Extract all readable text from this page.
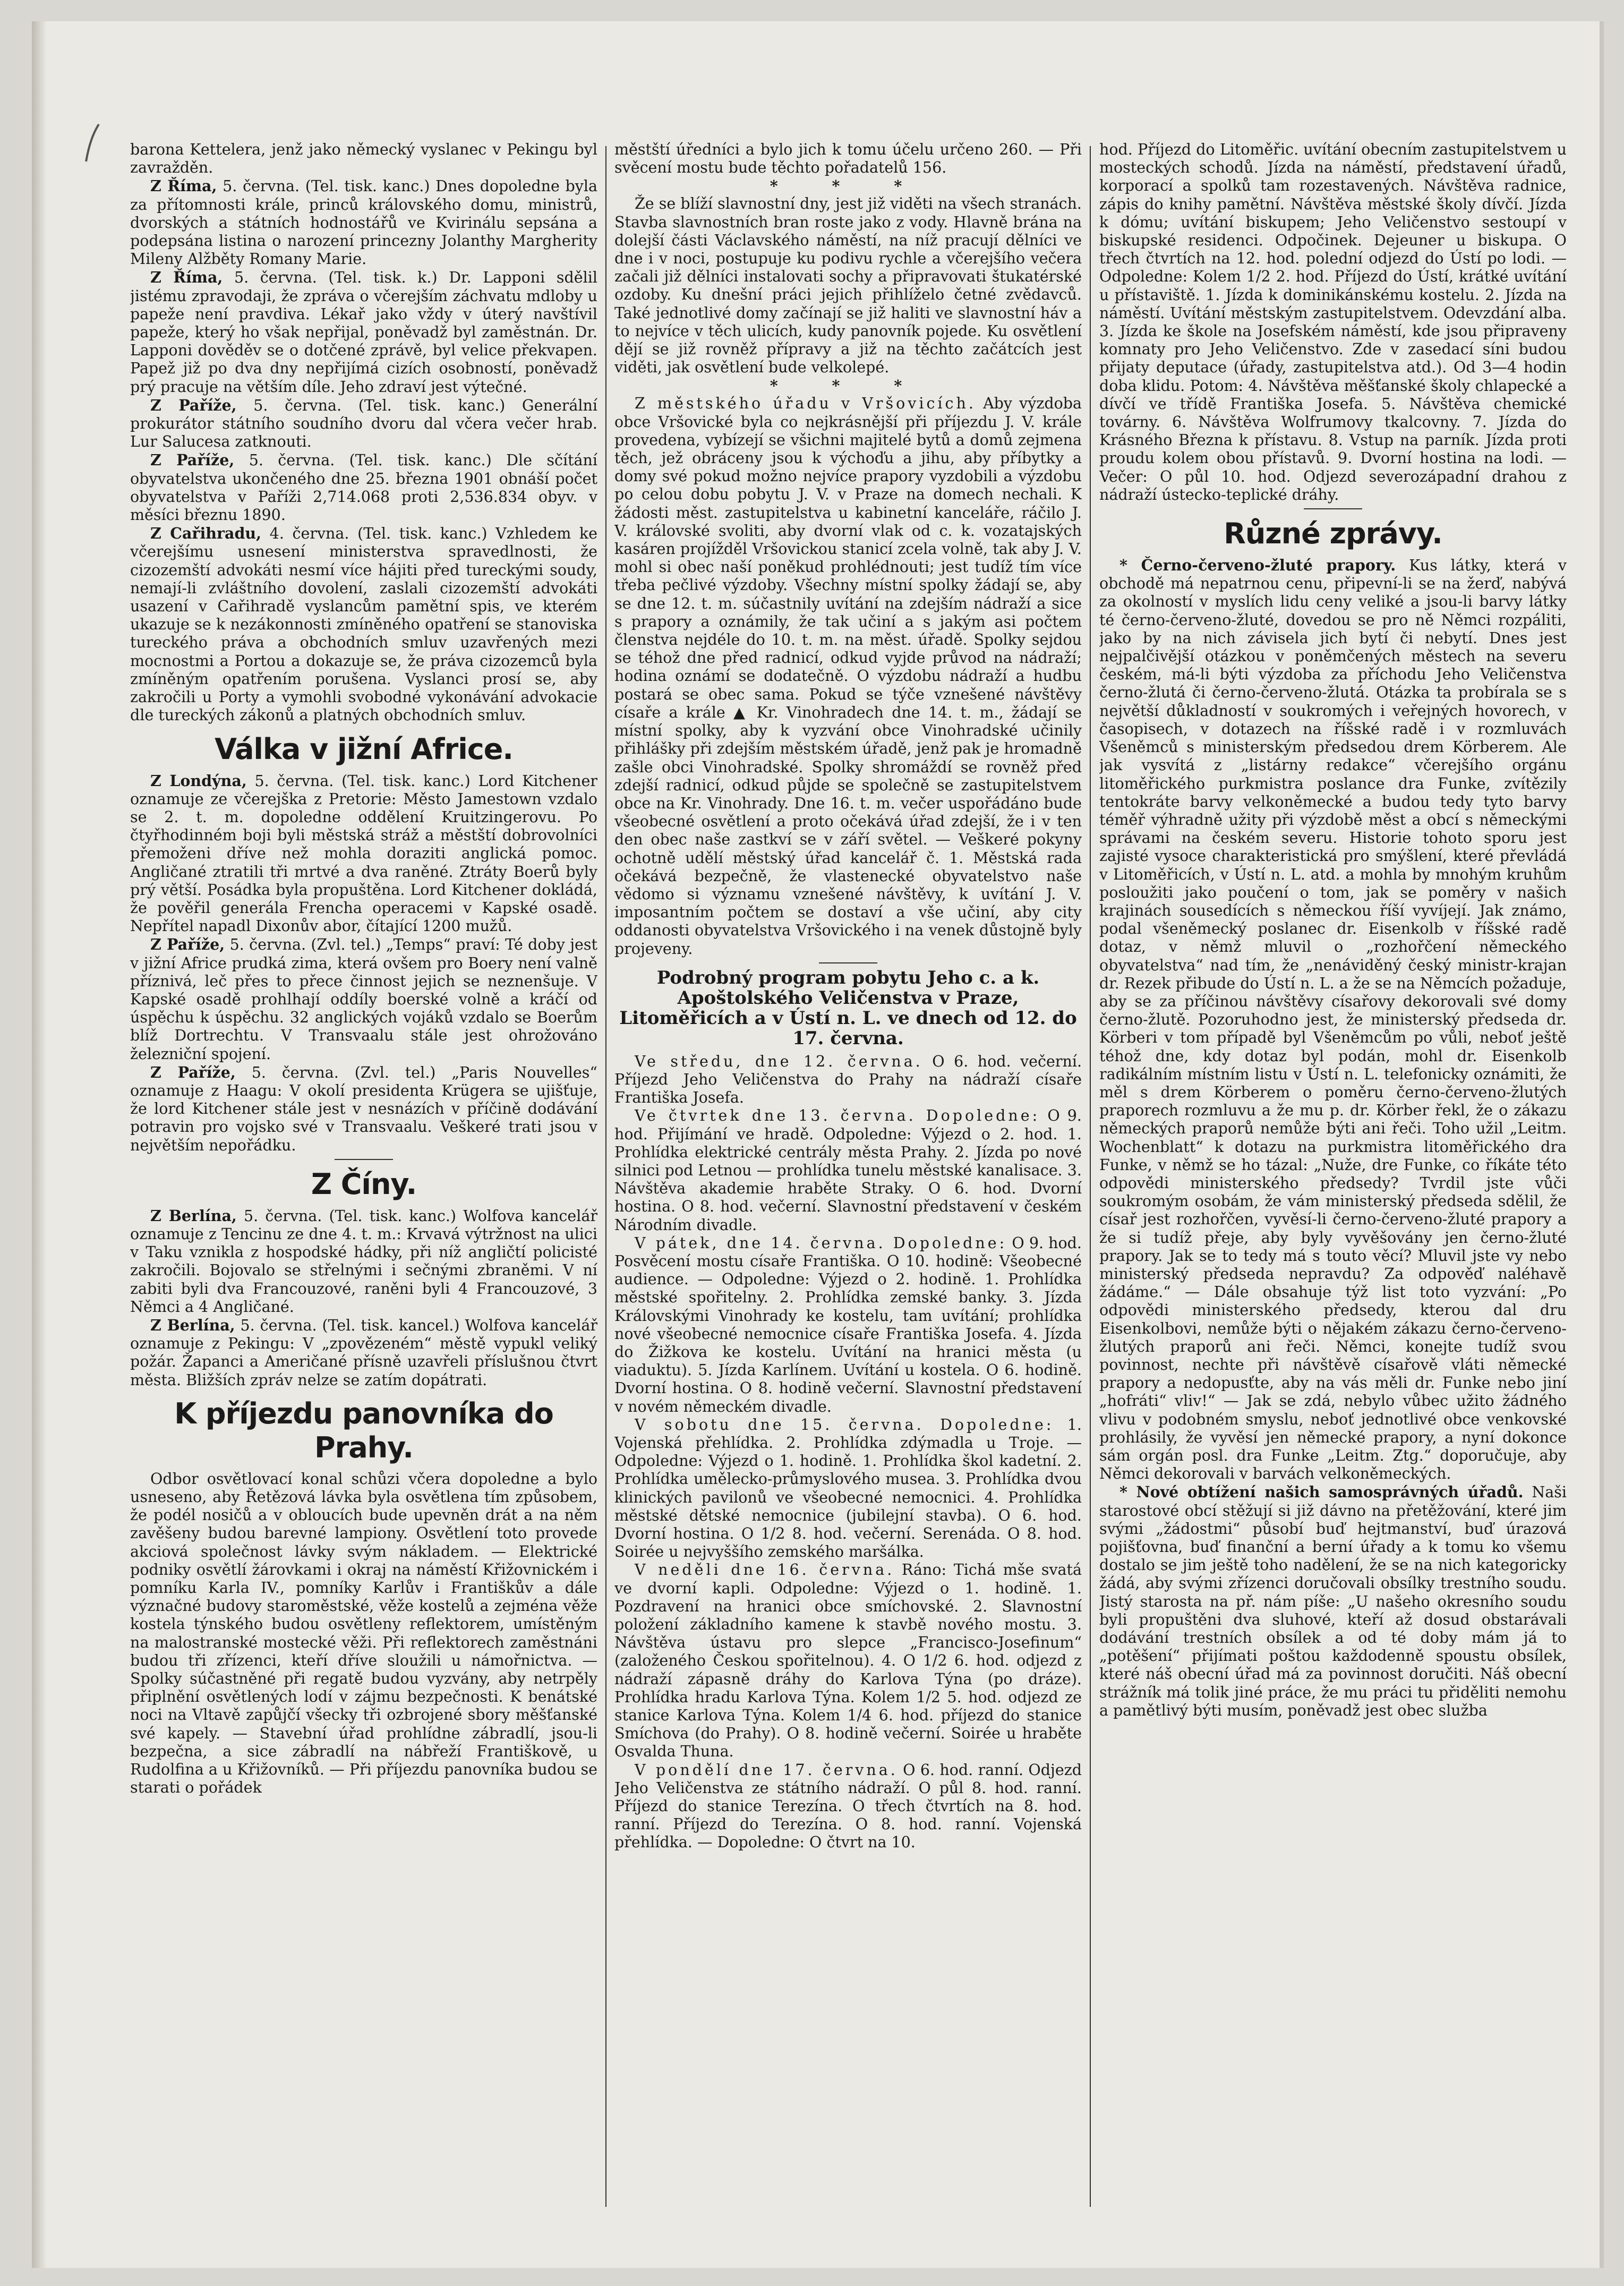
barona Kettelera, jenž jako německý vyslanec v Pekingu byl zavražděn.

Z Říma, 5. června. (Tel. tisk. kanc.) Dnes dopoledne byla za přítomnosti krále, princů královského domu, ministrů, dvorských a státních hodnostářů ve Kvirinálu sepsána a podepsána listina o narození princezny Jolanthy Margherity Mileny Alžběty Romany Marie.

Z Říma, 5. června. (Tel. tisk. k.) Dr. Lapponi sdělil jistému zpravodaji, že zpráva o včerejším záchvatu mdloby u papeže není pravdiva. Lékař jako vždy v úterý navštívil papeže, který ho však nepřijal, poněvadž byl zaměstnán. Dr. Lapponi dověděv se o dotčené zprávě, byl velice překvapen. Papež již po dva dny nepřijímá cizích osobností, poněvadž prý pracuje na větším díle. Jeho zdraví jest výtečné.

Z Paříže, 5. června. (Tel. tisk. kanc.) Generální prokurátor státního soudního dvoru dal včera večer hrab. Lur Salucesa zatknouti.

Z Paříže, 5. června. (Tel. tisk. kanc.) Dle sčítání obyvatelstva ukončeného dne 25. března 1901 obnáší počet obyvatelstva v Paříži 2,714.068 proti 2,536.834 obyv. v měsíci březnu 1890.

Z Cařihradu, 4. června. (Tel. tisk. kanc.) Vzhledem ke včerejšímu usnesení ministerstva spravedlnosti, že cizozemští advokáti nesmí více hájiti před tureckými soudy, nemají-li zvláštního dovolení, zaslali cizozemští advokáti usazení v Cařihradě vyslancům pamětní spis, ve kterém ukazuje se k nezákonnosti zmíněného opatření se stanoviska tureckého práva a obchodních smluv uzavřených mezi mocnostmi a Portou a dokazuje se, že práva cizozemců byla zmíněným opatřením porušena. Vyslanci prosí se, aby zakročili u Porty a vymohli svobodné vykonávání advokacie dle tureckých zákonů a platných obchodních smluv.

Válka v jižní Africe.

Z Londýna, 5. června. (Tel. tisk. kanc.) Lord Kitchener oznamuje ze včerejška z Pretorie: Město Jamestown vzdalo se 2. t. m. dopoledne oddělení Kruitzingerovu. Po čtyřhodinném boji byli městská stráž a městští dobrovolníci přemoženi dříve než mohla doraziti anglická pomoc. Angličané ztratili tři mrtvé a dva raněné. Ztráty Boerů byly prý větší. Posádka byla propuštěna. Lord Kitchener dokládá, že pověřil generála Frencha operacemi v Kapské osadě. Nepřítel napadl Dixonův abor, čítající 1200 mužů.

Z Paříže, 5. června. (Zvl. tel.) „Temps“ praví: Té doby jest v jižní Africe prudká zima, která ovšem pro Boery není valně příznivá, leč přes to přece činnost jejich se neznenšuje. V Kapské osadě prohlhají oddíly boerské volně a kráčí od úspěchu k úspěchu. 32 anglických vojáků vzdalo se Boerům blíž Dortrechtu. V Transvaalu stále jest ohrožováno železniční spojení.

Z Paříže, 5. června. (Zvl. tel.) „Paris Nouvelles“ oznamuje z Haagu: V okolí presidenta Krügera se ujišťuje, že lord Kitchener stále jest v nesnázích v příčině dodávání potravin pro vojsko své v Transvaalu. Veškeré trati jsou v největším nepořádku.

Z Číny.

Z Berlína, 5. června. (Tel. tisk. kanc.) Wolfova kancelář oznamuje z Tencinu ze dne 4. t. m.: Krvavá výtržnost na ulici v Taku vznikla z hospodské hádky, při níž angličtí policisté zakročili. Bojovalo se střelnými i sečnými zbraněmi. V ní zabiti byli dva Francouzové, raněni byli 4 Francouzové, 3 Němci a 4 Angličané.

Z Berlína, 5. června. (Tel. tisk. kancel.) Wolfova kancelář oznamuje z Pekingu: V „zpovězeném“ městě vypukl veliký požár. Žapanci a Američané přísně uzavřeli příslušnou čtvrt města. Bližších zpráv nelze se zatím dopátrati.

K příjezdu panovníka do Prahy.

Odbor osvětlovací konal schůzi včera dopoledne a bylo usneseno, aby Řetězová lávka byla osvětlena tím způsobem, že podél nosičů a v obloucích bude upevněn drát a na něm zavěšeny budou barevné lampiony. Osvětlení toto provede akciová společnost lávky svým nákladem. — Elektrické podniky osvětlí žárovkami i okraj na náměstí Křižovnickém i pomníku Karla IV., pomníky Karlův i Františkův a dále význačné budovy staroměstské, věže kostelů a zejména věže kostela týnského budou osvětleny reflektorem, umístěným na malostranské mostecké věži. Při reflektorech zaměstnáni budou tři zřízenci, kteří dříve sloužili u námořnictva. — Spolky súčastněné při regatě budou vyzvány, aby netrpěly připlnění osvětlených lodí v zájmu bezpečnosti. K benátské noci na Vltavě zapůjčí všecky tři ozbrojené sbory měšťanské své kapely. — Stavební úřad prohlídne zábradlí, jsou-li bezpečna, a sice zábradlí na nábřeží Františkově, u Rudolfina a u Křižovníků. — Při příjezdu panovníka budou se starati o pořádek

městští úředníci a bylo jich k tomu účelu určeno 260. — Při svěcení mostu bude těchto pořadatelů 156.

* * *

Že se blíží slavnostní dny, jest již viděti na všech stranách. Stavba slavnostních bran roste jako z vody. Hlavně brána na dolejší části Václavského náměstí, na níž pracují dělníci ve dne i v noci, postupuje ku podivu rychle a včerejšího večera začali již dělníci instalovati sochy a připravovati štukatérské ozdoby. Ku dnešní práci jejich přihlíželo četné zvědavců. Také jednotlivé domy začínají se již haliti ve slavnostní háv a to nejvíce v těch ulicích, kudy panovník pojede. Ku osvětlení dějí se již rovněž přípravy a již na těchto začátcích jest viděti, jak osvětlení bude velkolepé.

* * *

Z městského úřadu v Vršovicích. Aby výzdoba obce Vršovické byla co nejkrásnější při příjezdu J. V. krále provedena, vybízejí se všichni majitelé bytů a domů zejmena těch, jež obráceny jsou k výchoďu a jihu, aby příbytky a domy své pokud možno nejvíce prapory vyzdobili a výzdobu po celou dobu pobytu J. V. v Praze na domech nechali. K žádosti měst. zastupitelstva u kabinetní kanceláře, ráčilo J. V. královské svoliti, aby dvorní vlak od c. k. vozatajských kasáren projížděl Vršovickou stanicí zcela volně, tak aby J. V. mohl si obec naší poněkud prohlédnouti; jest tudíž tím více třeba pečlivé výzdoby. Všechny místní spolky žádají se, aby se dne 12. t. m. súčastnily uvítání na zdejším nádraží a sice s prapory a oznámily, že tak učiní a s jakým asi počtem členstva nejdéle do 10. t. m. na měst. úřadě. Spolky sejdou se téhož dne před radnicí, odkud vyjde průvod na nádraží; hodina oznámí se dodatečně. O výzdobu nádraží a hudbu postará se obec sama. Pokud se týče vznešené návštěvy císaře a krále ▲ Kr. Vinohradech dne 14. t. m., žádají se místní spolky, aby k vyzvání obce Vinohradské učinily přihlášky při zdejším městském úřadě, jenž pak je hromadně zašle obci Vinohradské. Spolky shromáždí se rovněž před zdejší radnicí, odkud půjde se společně se zastupitelstvem obce na Kr. Vinohrady. Dne 16. t. m. večer uspořádáno bude všeobecné osvětlení a proto očekává úřad zdejší, že i v ten den obec naše zastkví se v září světel. — Veškeré pokyny ochotně udělí městský úřad kancelář č. 1. Městská rada očekává bezpečně, že vlastenecké obyvatelstvo naše vědomo si významu vznešené návštěvy, k uvítání J. V. imposantním počtem se dostaví a vše učiní, aby city oddanosti obyvatelstva Vršovického i na venek důstojně byly projeveny.

Podrobný program pobytu Jeho c. a k. Apoštolského Veličenstva v Praze, Litoměřicích a v Ústí n. L. ve dnech od 12. do 17. června.

Ve středu, dne 12. června. O 6. hod. večerní. Příjezd Jeho Veličenstva do Prahy na nádraží císaře Františka Josefa.

Ve čtvrtek dne 13. června. Dopoledne: O 9. hod. Přijímání ve hradě. Odpoledne: Výjezd o 2. hod. 1. Prohlídka elektrické centrály města Prahy. 2. Jízda po nové silnici pod Letnou — prohlídka tunelu městské kanalisace. 3. Návštěva akademie hraběte Straky. O 6. hod. Dvorní hostina. O 8. hod. večerní. Slavnostní představení v českém Národním divadle.

V pátek, dne 14. června. Dopoledne: O 9. hod. Posvěcení mostu císaře Františka. O 10. hodině: Všeobecné audience. — Odpoledne: Výjezd o 2. hodině. 1. Prohlídka městské spořitelny. 2. Prohlídka zemské banky. 3. Jízda Královskými Vinohrady ke kostelu, tam uvítání; prohlídka nové všeobecné nemocnice císaře Františka Josefa. 4. Jízda do Žižkova ke kostelu. Uvítání na hranici města (u viaduktu). 5. Jízda Karlínem. Uvítání u kostela. O 6. hodině. Dvorní hostina. O 8. hodině večerní. Slavnostní představení v novém německém divadle.

V sobotu dne 15. června. Dopoledne: 1. Vojenská přehlídka. 2. Prohlídka zdýmadla u Troje. — Odpoledne: Výjezd o 1. hodině. 1. Prohlídka škol kadetní. 2. Prohlídka umělecko-průmyslového musea. 3. Prohlídka dvou klinických pavilonů ve všeobecné nemocnici. 4. Prohlídka městské dětské nemocnice (jubilejní stavba). O 6. hod. Dvorní hostina. O 1/2 8. hod. večerní. Serenáda. O 8. hod. Soirée u nejvyššího zemského maršálka.

V neděli dne 16. června. Ráno: Tichá mše svatá ve dvorní kapli. Odpoledne: Výjezd o 1. hodině. 1. Pozdravení na hranici obce smíchovské. 2. Slavnostní položení základního kamene k stavbě nového mostu. 3. Návštěva ústavu pro slepce „Francisco-Josefinum“ (založeného Českou spořitelnou). 4. O 1/2 6. hod. odjezd z nádraží zápasně dráhy do Karlova Týna (po dráze). Prohlídka hradu Karlova Týna. Kolem 1/2 5. hod. odjezd ze stanice Karlova Týna. Kolem 1/4 6. hod. příjezd do stanice Smíchova (do Prahy). O 8. hodině večerní. Soirée u hraběte Osvalda Thuna.

V pondělí dne 17. června. O 6. hod. ranní. Odjezd Jeho Veličenstva ze státního nádraží. O půl 8. hod. ranní. Příjezd do stanice Terezína. O třech čtvrtích na 8. hod. ranní. Příjezd do Terezína. O 8. hod. ranní. Vojenská přehlídka. — Dopoledne: O čtvrt na 10.

hod. Příjezd do Litoměřic. uvítání obecním zastupitelstvem u mosteckých schodů. Jízda na náměstí, představení úřadů, korporací a spolků tam rozestavených. Návštěva radnice, zápis do knihy pamětní. Návštěva městské školy dívčí. Jízda k dómu; uvítání biskupem; Jeho Veličenstvo sestoupí v biskupské residenci. Odpočinek. Dejeuner u biskupa. O třech čtvrtích na 12. hod. polední odjezd do Ústí po lodi. — Odpoledne: Kolem 1/2 2. hod. Příjezd do Ústí, krátké uvítání u přístaviště. 1. Jízda k dominikánskému kostelu. 2. Jízda na náměstí. Uvítání městským zastupitelstvem. Odevzdání alba. 3. Jízda ke škole na Josefském náměstí, kde jsou připraveny komnaty pro Jeho Veličenstvo. Zde v zasedací síni budou přijaty deputace (úřady, zastupitelstva atd.). Od 3—4 hodin doba klidu. Potom: 4. Návštěva měšťanské školy chlapecké a dívčí ve třídě Františka Josefa. 5. Návštěva chemické továrny. 6. Návštěva Wolfrumovy tkalcovny. 7. Jízda do Krásného Března k přístavu. 8. Vstup na parník. Jízda proti proudu kolem obou přístavů. 9. Dvorní hostina na lodi. — Večer: O půl 10. hod. Odjezd severozápadní drahou z nádraží ústecko-teplické dráhy.

Různé zprávy.

* Černo-červeno-žluté prapory. Kus látky, která v obchodě má nepatrnou cenu, připevní-li se na žerď, nabývá za okolností v myslích lidu ceny veliké a jsou-li barvy látky té černo-červeno-žluté, dovedou se pro ně Němci rozpáliti, jako by na nich závisela jich bytí či nebytí. Dnes jest nejpalčivější otázkou v poněmčených městech na severu českém, má-li býti výzdoba za příchodu Jeho Veličenstva černo-žlutá či černo-červeno-žlutá. Otázka ta probírala se s největší důkladností v soukromých i veřejných hovorech, v časopisech, v dotazech na říšské radě i v rozmluvách Všeněmců s ministerským předsedou drem Körberem. Ale jak vysvítá z „listárny redakce“ včerejšího orgánu litoměřického purkmistra poslance dra Funke, zvítězily tentokráte barvy velkoněmecké a budou tedy tyto barvy téměř výhradně užity při výzdobě měst a obcí s německými správami na českém severu. Historie tohoto sporu jest zajisté vysoce charakteristická pro smýšlení, které převládá v Litoměřicích, v Ústí n. L. atd. a mohla by mnohým kruhům posloužiti jako poučení o tom, jak se poměry v našich krajinách sousedících s německou říší vyvíjejí. Jak známo, podal všeněmecký poslanec dr. Eisenkolb v říšské radě dotaz, v němž mluvil o „rozhořčení německého obyvatelstva“ nad tím, že „nenáviděný český ministr-krajan dr. Rezek přibude do Ústí n. L. a že se na Němcích požaduje, aby se za příčinou návštěvy císařovy dekorovali své domy černo-žlutě. Pozoruhodno jest, že ministerský předseda dr. Körberi v tom případě byl Všeněmcům po vůli, neboť ještě téhož dne, kdy dotaz byl podán, mohl dr. Eisenkolb radikálním místním listu v Ústí n. L. telefonicky oznámiti, že měl s drem Körberem o poměru černo-červeno-žlutých praporech rozmluvu a že mu p. dr. Körber řekl, že o zákazu německých praporů nemůže býti ani řeči. Toho užil „Leitm. Wochenblatt“ k dotazu na purkmistra litoměřického dra Funke, v němž se ho tázal: „Nuže, dre Funke, co říkáte této odpovědi ministerského předsedy? Tvrdil jste vůči soukromým osobám, že vám ministerský předseda sdělil, že císař jest rozhořčen, vyvěsí-li černo-červeno-žluté prapory a že si tudíž přeje, aby byly vyvěšovány jen černo-žluté prapory. Jak se to tedy má s touto věcí? Mluvil jste vy nebo ministerský předseda nepravdu? Za odpověď naléhavě žádáme.“ — Dále obsahuje týž list toto vyzvání: „Po odpovědi ministerského předsedy, kterou dal dru Eisenkolbovi, nemůže býti o nějakém zákazu černo-červeno-žlutých praporů ani řeči. Němci, konejte tudíž svou povinnost, nechte při návštěvě císařově vláti německé prapory a nedopusťte, aby na vás měli dr. Funke nebo jiní „hofráti“ vliv!“ — Jak se zdá, nebylo vůbec užito žádného vlivu v podobném smyslu, neboť jednotlivé obce venkovské prohlásily, že vyvěsí jen německé prapory, a nyní dokonce sám orgán posl. dra Funke „Leitm. Ztg.“ doporučuje, aby Němci dekorovali v barvách velkoněmeckých.

* Nové obtížení našich samosprávných úřadů. Naši starostové obcí stěžují si již dávno na přetěžování, které jim svými „žádostmi“ působí buď hejtmanství, buď úrazová pojišťovna, buď finanční a berní úřady a k tomu ko všemu dostalo se jim ještě toho nadělení, že se na nich kategoricky žádá, aby svými zřízenci doručovali obsílky trestního soudu. Jistý starosta na př. nám píše: „U našeho okresního soudu byli propuštěni dva sluhové, kteří až dosud obstarávali dodávání trestních obsílek a od té doby mám já to „potěšení“ přijímati poštou každodenně spoustu obsílek, které náš obecní úřad má za povinnost doručiti. Náš obecní strážník má tolik jiné práce, že mu práci tu přiděliti nemohu a pamětlivý býti musím, poněvadž jest obec služba
